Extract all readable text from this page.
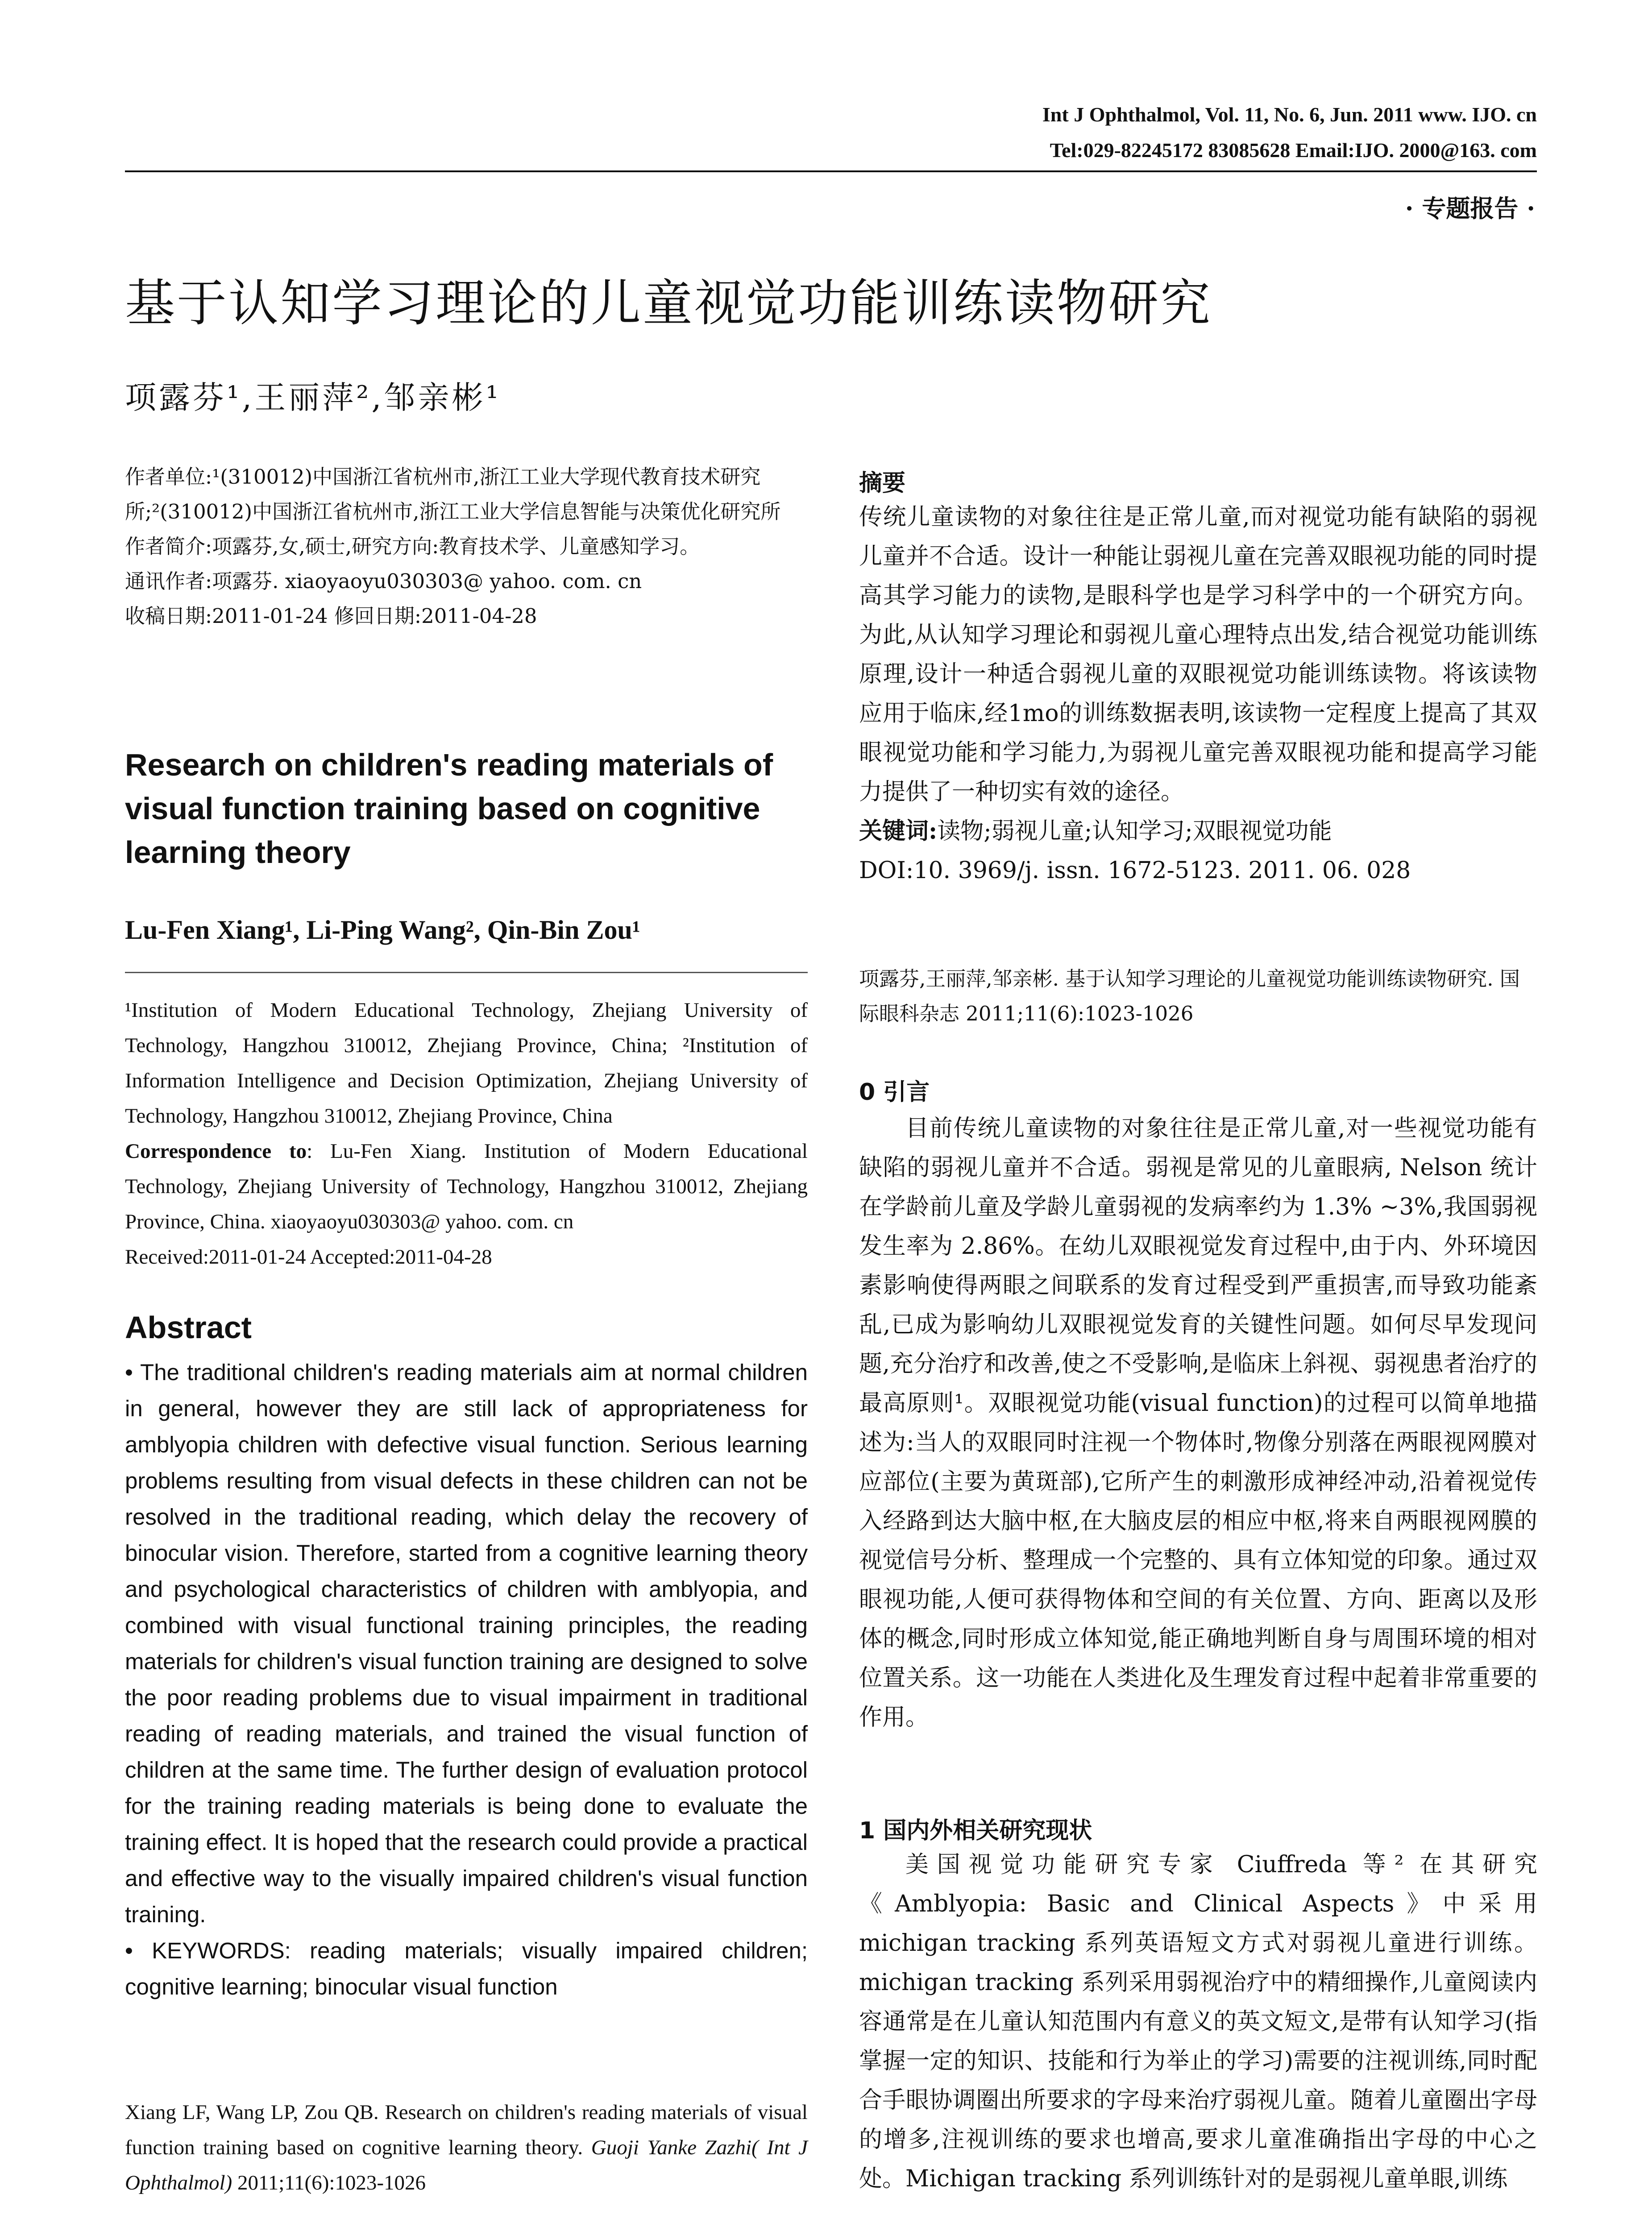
Int J Ophthalmol, Vol. 11, No. 6, Jun. 2011 www. IJO. cn
Tel:029-82245172 83085628 Email:IJO. 2000@163. com
· 专题报告 ·
基于认知学习理论的儿童视觉功能训练读物研究
项露芬¹,王丽萍²,邹亲彬¹

作者单位:¹(310012)中国浙江省杭州市,浙江工业大学现代教育技术研究所;²(310012)中国浙江省杭州市,浙江工业大学信息智能与决策优化研究所

作者简介:项露芬,女,硕士,研究方向:教育技术学、儿童感知学习。

通讯作者:项露芬. xiaoyaoyu030303@ yahoo. com. cn

收稿日期:2011-01-24 修回日期:2011-04-28

Research on children's reading materials of visual function training based on cognitive learning theory
Lu-Fen Xiang¹, Li-Ping Wang², Qin-Bin Zou¹

¹Institution of Modern Educational Technology, Zhejiang University of Technology, Hangzhou 310012, Zhejiang Province, China; ²Institution of Information Intelligence and Decision Optimization, Zhejiang University of Technology, Hangzhou 310012, Zhejiang Province, China

Correspondence to: Lu-Fen Xiang. Institution of Modern Educational Technology, Zhejiang University of Technology, Hangzhou 310012, Zhejiang Province, China. xiaoyaoyu030303@ yahoo. com. cn

Received:2011-01-24 Accepted:2011-04-28

Abstract

• The traditional children's reading materials aim at normal children in general, however they are still lack of appropriateness for amblyopia children with defective visual function. Serious learning problems resulting from visual defects in these children can not be resolved in the traditional reading, which delay the recovery of binocular vision. Therefore, started from a cognitive learning theory and psychological characteristics of children with amblyopia, and combined with visual functional training principles, the reading materials for children's visual function training are designed to solve the poor reading problems due to visual impairment in traditional reading of reading materials, and trained the visual function of children at the same time. The further design of evaluation protocol for the training reading materials is being done to evaluate the training effect. It is hoped that the research could provide a practical and effective way to the visually impaired children's visual function training.

• KEYWORDS: reading materials; visually impaired children; cognitive learning; binocular visual function

Xiang LF, Wang LP, Zou QB. Research on children's reading materials of visual function training based on cognitive learning theory. Guoji Yanke Zazhi( Int J Ophthalmol) 2011;11(6):1023-1026
摘要

传统儿童读物的对象往往是正常儿童,而对视觉功能有缺陷的弱视儿童并不合适。设计一种能让弱视儿童在完善双眼视功能的同时提高其学习能力的读物,是眼科学也是学习科学中的一个研究方向。为此,从认知学习理论和弱视儿童心理特点出发,结合视觉功能训练原理,设计一种适合弱视儿童的双眼视觉功能训练读物。将该读物应用于临床,经1mo的训练数据表明,该读物一定程度上提高了其双眼视觉功能和学习能力,为弱视儿童完善双眼视功能和提高学习能力提供了一种切实有效的途径。

关键词:读物;弱视儿童;认知学习;双眼视觉功能

DOI:10. 3969/j. issn. 1672-5123. 2011. 06. 028

项露芬,王丽萍,邹亲彬. 基于认知学习理论的儿童视觉功能训练读物研究. 国际眼科杂志 2011;11(6):1023-1026
0 引言

目前传统儿童读物的对象往往是正常儿童,对一些视觉功能有缺陷的弱视儿童并不合适。弱视是常见的儿童眼病, Nelson 统计在学龄前儿童及学龄儿童弱视的发病率约为 1.3% ~3%,我国弱视发生率为 2.86%。在幼儿双眼视觉发育过程中,由于内、外环境因素影响使得两眼之间联系的发育过程受到严重损害,而导致功能紊乱,已成为影响幼儿双眼视觉发育的关键性问题。如何尽早发现问题,充分治疗和改善,使之不受影响,是临床上斜视、弱视患者治疗的最高原则¹。双眼视觉功能(visual function)的过程可以简单地描述为:当人的双眼同时注视一个物体时,物像分别落在两眼视网膜对应部位(主要为黄斑部),它所产生的刺激形成神经冲动,沿着视觉传入经路到达大脑中枢,在大脑皮层的相应中枢,将来自两眼视网膜的视觉信号分析、整理成一个完整的、具有立体知觉的印象。通过双眼视功能,人便可获得物体和空间的有关位置、方向、距离以及形体的概念,同时形成立体知觉,能正确地判断自身与周围环境的相对位置关系。这一功能在人类进化及生理发育过程中起着非常重要的作用。

1 国内外相关研究现状

美国视觉功能研究专家 Ciuffreda 等² 在其研究《Amblyopia: Basic and Clinical Aspects》中采用 michigan tracking 系列英语短文方式对弱视儿童进行训练。michigan tracking 系列采用弱视治疗中的精细操作,儿童阅读内容通常是在儿童认知范围内有意义的英文短文,是带有认知学习(指掌握一定的知识、技能和行为举止的学习)需要的注视训练,同时配合手眼协调圈出所要求的字母来治疗弱视儿童。随着儿童圈出字母的增多,注视训练的要求也增高,要求儿童准确指出字母的中心之处。Michigan tracking 系列训练针对的是弱视儿童单眼,训练
